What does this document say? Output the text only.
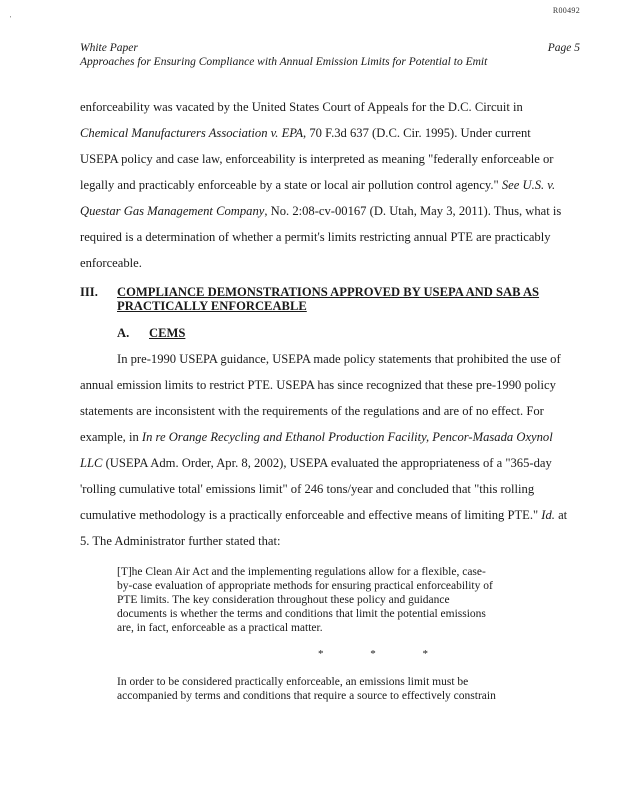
'
R00492
White Paper
Approaches for Ensuring Compliance with Annual Emission Limits for Potential to Emit
Page 5
enforceability was vacated by the United States Court of Appeals for the D.C. Circuit in
Chemical Manufacturers Association v. EPA, 70 F.3d 637 (D.C. Cir. 1995). Under current
USEPA policy and case law, enforceability is interpreted as meaning "federally enforceable or
legally and practicably enforceable by a state or local air pollution control agency." See U.S. v.
Questar Gas Management Company, No. 2:08-cv-00167 (D. Utah, May 3, 2011). Thus, what is
required is a determination of whether a permit's limits restricting annual PTE are practicably
enforceable.
III. COMPLIANCE DEMONSTRATIONS APPROVED BY USEPA AND SAB AS
PRACTICALLY ENFORCEABLE
A. CEMS
In pre-1990 USEPA guidance, USEPA made policy statements that prohibited the use of
annual emission limits to restrict PTE. USEPA has since recognized that these pre-1990 policy
statements are inconsistent with the requirements of the regulations and are of no effect. For
example, in In re Orange Recycling and Ethanol Production Facility, Pencor-Masada Oxynol
LLC (USEPA Adm. Order, Apr. 8, 2002), USEPA evaluated the appropriateness of a "365-day
'rolling cumulative total' emissions limit" of 246 tons/year and concluded that "this rolling
cumulative methodology is a practically enforceable and effective means of limiting PTE." Id. at
5. The Administrator further stated that:
[T]he Clean Air Act and the implementing regulations allow for a flexible, case-
by-case evaluation of appropriate methods for ensuring practical enforceability of
PTE limits. The key consideration throughout these policy and guidance
documents is whether the terms and conditions that limit the potential emissions
are, in fact, enforceable as a practical matter.
* * *
In order to be considered practically enforceable, an emissions limit must be
accompanied by terms and conditions that require a source to effectively constrain
